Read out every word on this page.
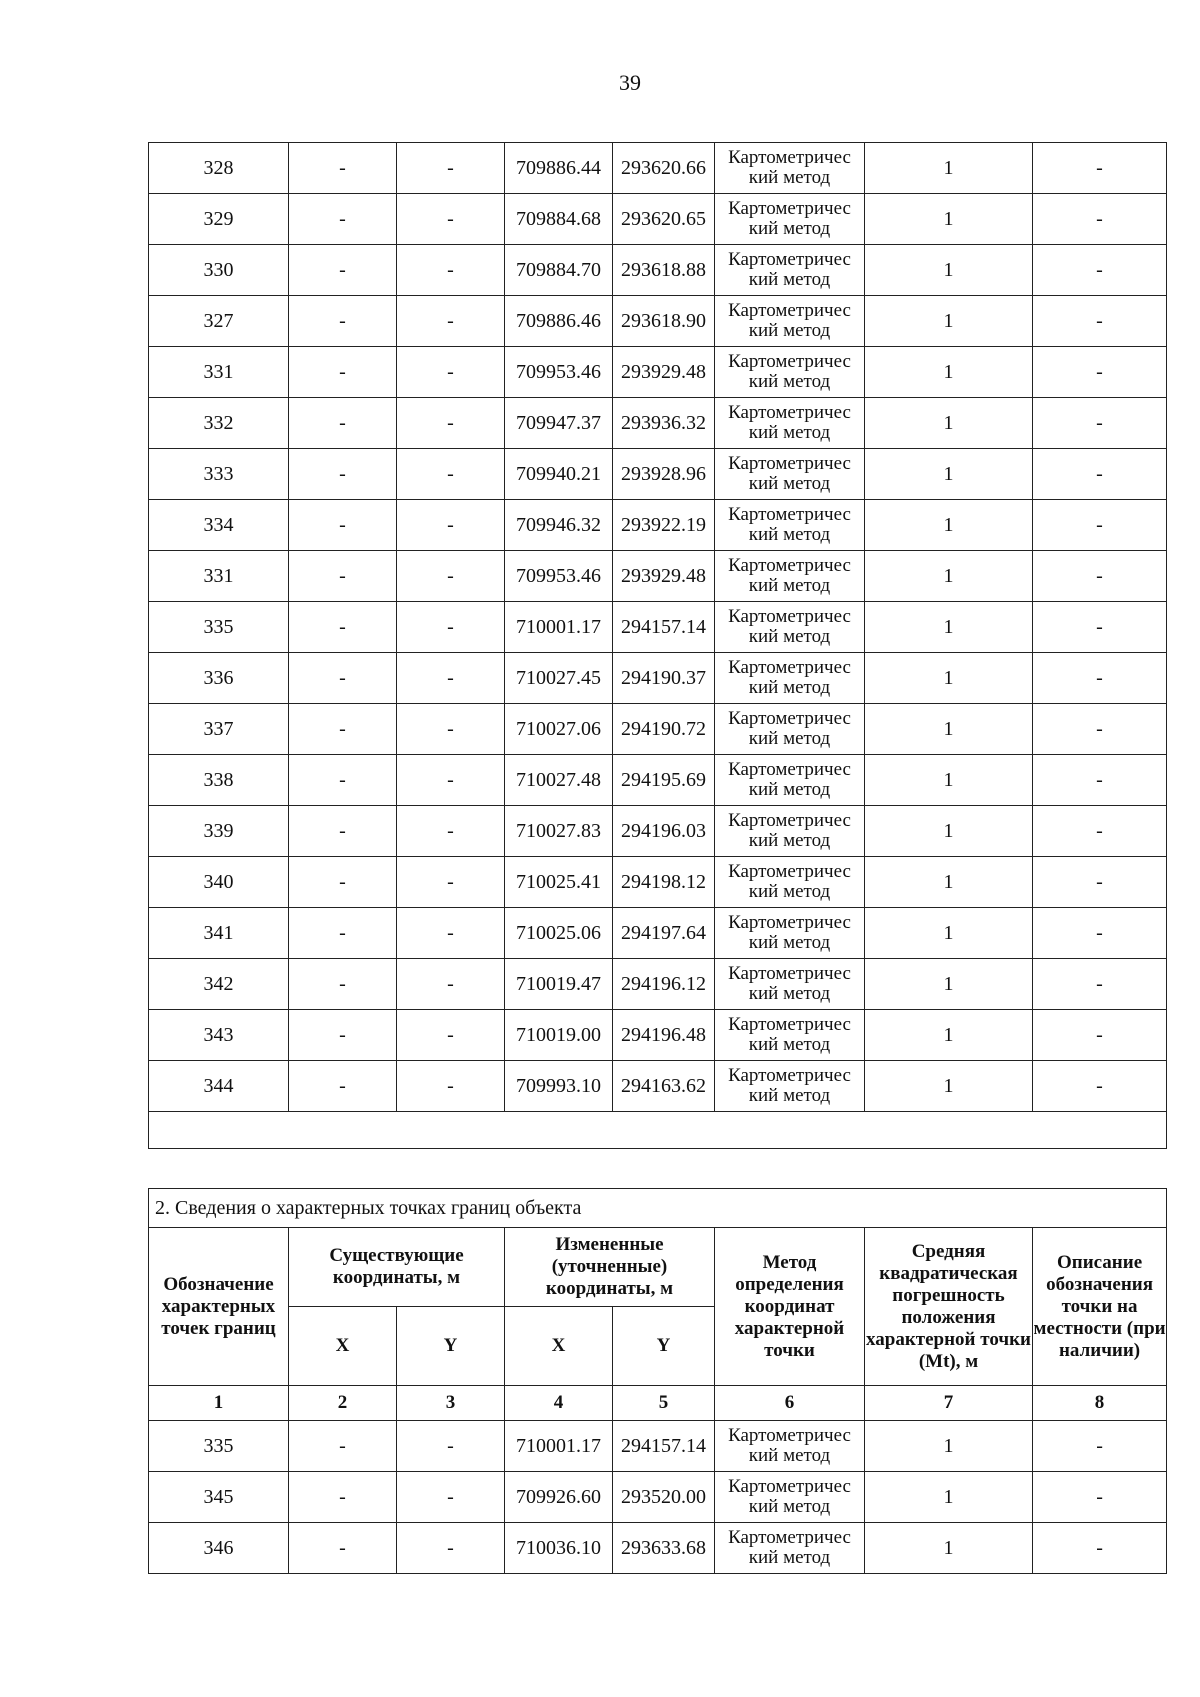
39
328	-	-	709886.44	293620.66	Картометричес кий метод	1	-
329	-	-	709884.68	293620.65	Картометричес кий метод	1	-
330	-	-	709884.70	293618.88	Картометричес кий метод	1	-
327	-	-	709886.46	293618.90	Картометричес кий метод	1	-
331	-	-	709953.46	293929.48	Картометричес кий метод	1	-
332	-	-	709947.37	293936.32	Картометричес кий метод	1	-
333	-	-	709940.21	293928.96	Картометричес кий метод	1	-
334	-	-	709946.32	293922.19	Картометричес кий метод	1	-
331	-	-	709953.46	293929.48	Картометричес кий метод	1	-
335	-	-	710001.17	294157.14	Картометричес кий метод	1	-
336	-	-	710027.45	294190.37	Картометричес кий метод	1	-
337	-	-	710027.06	294190.72	Картометричес кий метод	1	-
338	-	-	710027.48	294195.69	Картометричес кий метод	1	-
339	-	-	710027.83	294196.03	Картометричес кий метод	1	-
340	-	-	710025.41	294198.12	Картометричес кий метод	1	-
341	-	-	710025.06	294197.64	Картометричес кий метод	1	-
342	-	-	710019.47	294196.12	Картометричес кий метод	1	-
343	-	-	710019.00	294196.48	Картометричес кий метод	1	-
344	-	-	709993.10	294163.62	Картометричес кий метод	1	-

2. Сведения о характерных точках границ объекта							
Обозначение характерных точек границ	Существующие координаты, м		Измененные (уточненные) координаты, м		Метод определения координат характерной точки	Средняя квадратическая погрешность положения характерной точки (Mt), м	Описание обозначения точки на местности (при наличии)
	X	Y	X	Y			
1	2	3	4	5	6	7	8
335	-	-	710001.17	294157.14	Картометричес кий метод	1	-
345	-	-	709926.60	293520.00	Картометричес кий метод	1	-
346	-	-	710036.10	293633.68	Картометричес кий метод	1	-
